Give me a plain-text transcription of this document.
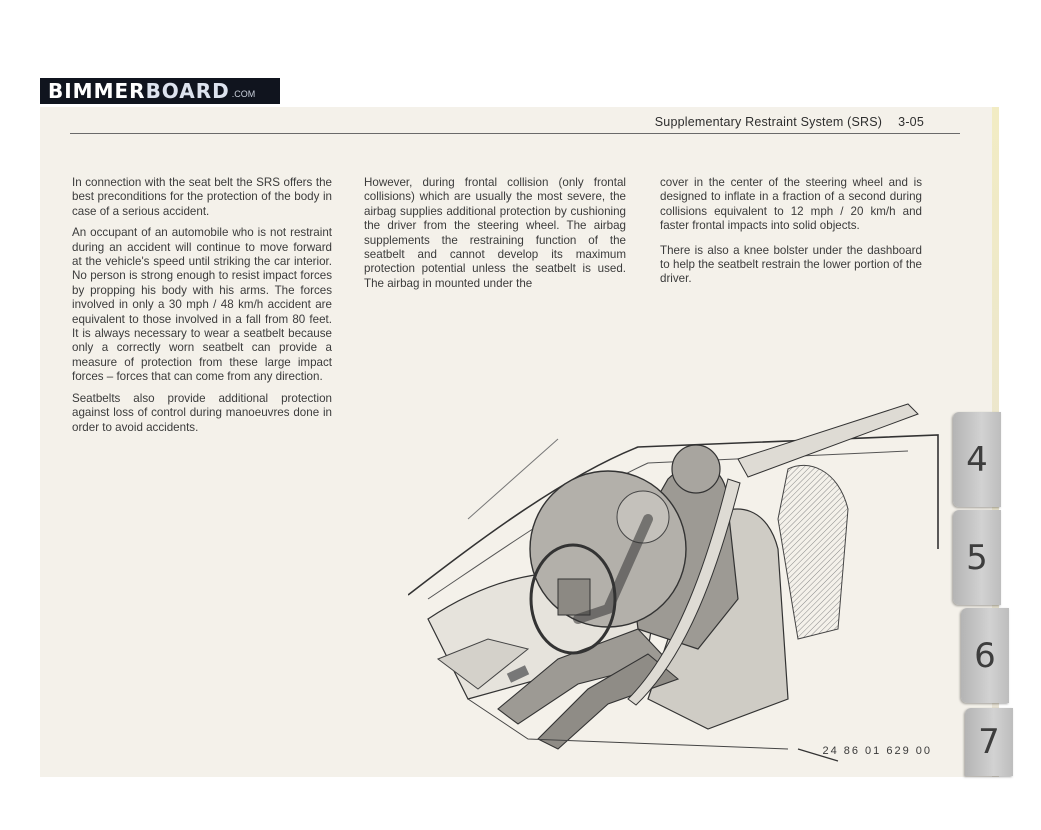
BIMMERBOARD .COM
Supplementary Restraint System (SRS) 3-05

In connection with the seat belt the SRS offers the best preconditions for the protection of the body in case of a serious accident.

An occupant of an automobile who is not restraint during an accident will continue to move forward at the vehicle's speed until striking the car interior. No person is strong enough to resist impact forces by propping his body with his arms. The forces involved in only a 30 mph / 48 km/h accident are equivalent to those involved in a fall from 80 feet. It is always necessary to wear a seatbelt because only a correctly worn seatbelt can provide a measure of protection from these large impact forces – forces that can come from any direction.

Seatbelts also provide additional protection against loss of control during manoeuvres done in order to avoid accidents.

However, during frontal collision (only frontal collisions) which are usually the most severe, the airbag supplies additional protection by cushioning the driver from the steering wheel. The airbag supplements the restraining function of the seatbelt and cannot develop its maximum protection potential unless the seatbelt is used. The airbag in mounted under the

cover in the center of the steering wheel and is designed to inflate in a fraction of a second during collisions equivalent to 12 mph / 20 km/h and faster frontal impacts into solid objects.

There is also a knee bolster under the dashboard to help the seatbelt restrain the lower portion of the driver.

24 86 01 629 00
4
5
6
7
